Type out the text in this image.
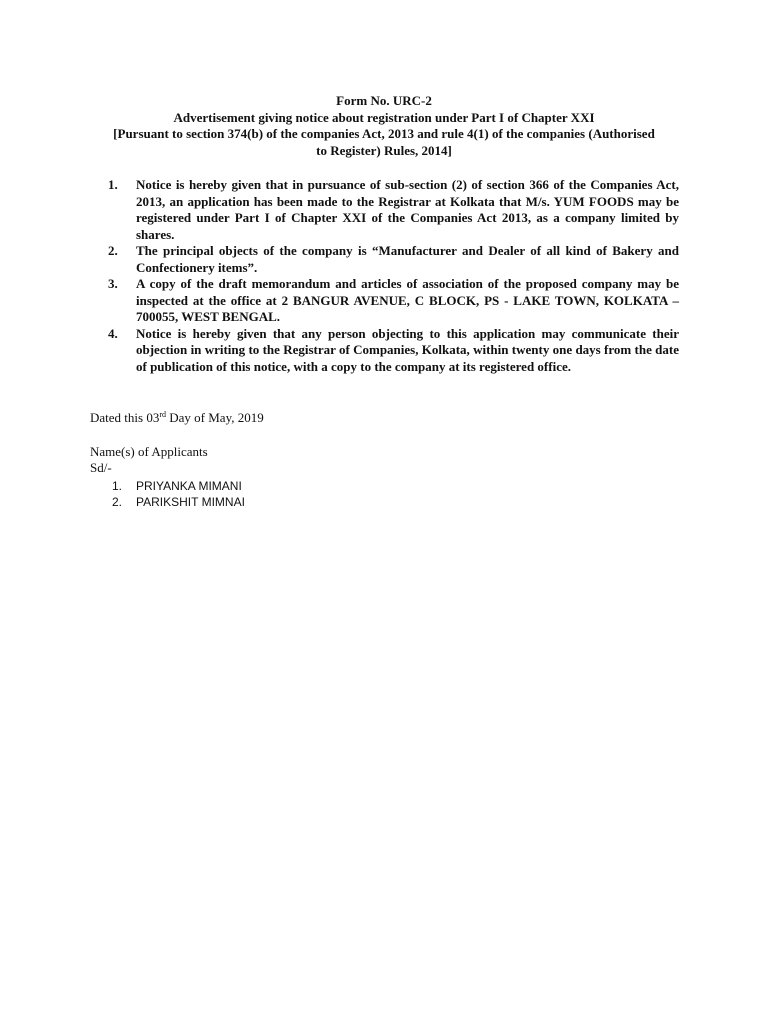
Form No. URC-2
Advertisement giving notice about registration under Part I of Chapter XXI
[Pursuant to section 374(b) of the companies Act, 2013 and rule 4(1) of the companies (Authorised
to Register) Rules, 2014]
1.	Notice is hereby given that in pursuance of sub-section (2) of section 366 of the Companies Act, 2013, an application has been made to the Registrar at Kolkata that M/s. YUM FOODS may be registered under Part I of Chapter XXI of the Companies Act 2013, as a company limited by shares.
2.	The principal objects of the company is “Manufacturer and Dealer of all kind of Bakery and Confectionery items”.
3.	A copy of the draft memorandum and articles of association of the proposed company may be inspected at the office at 2 BANGUR AVENUE, C BLOCK, PS - LAKE TOWN, KOLKATA – 700055, WEST BENGAL.
4.	Notice is hereby given that any person objecting to this application may communicate their objection in writing to the Registrar of Companies, Kolkata, within twenty one days from the date of publication of this notice, with a copy to the company at its registered office.
Dated this 03rd Day of May, 2019
Name(s) of Applicants
Sd/-
1. PRIYANKA MIMANI
2. PARIKSHIT MIMNAI
